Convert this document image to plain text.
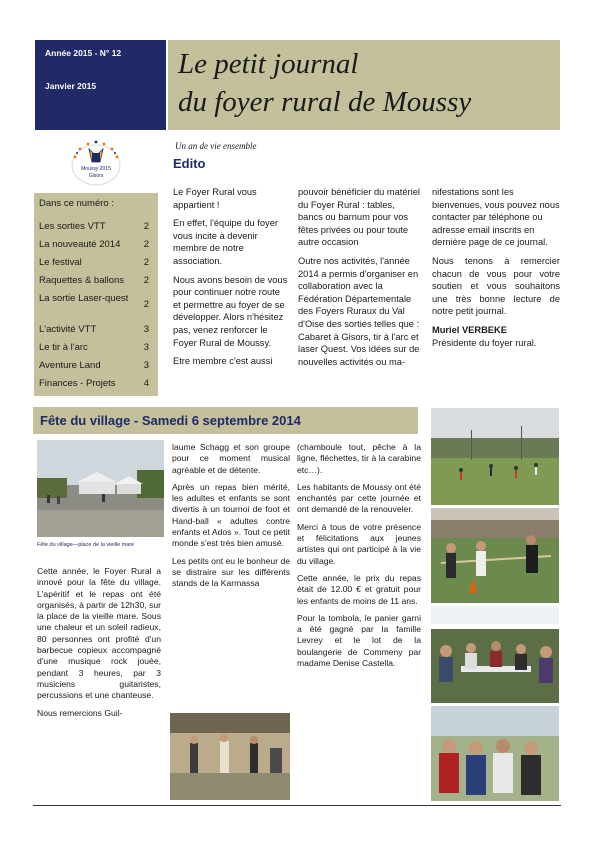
Année 2015 - N° 12
Janvier 2015
Le petit journal
du foyer rural de Moussy
Moussy 2015
Gisors
Un an de vie ensemble
Edito
Dans ce numéro :
Les sorties VTT	2
La nouveauté 2014	2
Le festival	2
Raquettes & ballons	2
La sortie Laser-quest
2
L'activité VTT	3
Le tir à l'arc	3
Aventure Land	3
Finances - Projets	4

Le Foyer Rural vous appartient !

En effet, l'équipe du foyer vous incite à devenir membre de notre association.

Nous avons besoin de vous pour continuer notre route et permettre au foyer de se développer. Alors n'hésitez pas, venez renforcer le Foyer Rural de Moussy.

Etre membre c'est aussi

pouvoir bénéficier du matériel du Foyer Rural : tables, bancs ou barnum pour vos fêtes privées ou pour toute autre occasion

Outre nos activités, l'année 2014 a permis d'organiser en collaboration avec la Fédération Départementale des Foyers Ruraux du Val d'Oise des sorties telles que : Cabaret à Gisors, tir à l'arc et laser Quest. Vos idées sur de nouvelles activités ou ma-

nifestations sont les bienvenues, vous pouvez nous contacter par téléphone ou adresse email inscrits en dernière page de ce journal.

Nous tenons à remercier chacun de vous pour votre soutien et vous souhaitons une très bonne lecture de notre petit journal.

Muriel VERBEKE
Présidente du foyer rural.
Fête du village - Samedi 6 septembre 2014
Fête du village—place de la vieille mare

Cette année, le Foyer Rural a innové pour la fête du village. L'apéritif et le repas ont été organisés, à partir de 12h30, sur la place de la vieille mare. Sous une chaleur et un soleil radieux, 80 personnes ont profité d'un barbecue copieux accompagné d'une musique rock jouée, pendant 3 heures, par 3 musiciens guitaristes, percussions et une chanteuse.

Nous remercions Guil-

laume Schagg et son groupe pour ce moment musical agréable et de détente.

Après un repas bien mérité, les adultes et enfants se sont divertis à un tournoi de foot et Hand-ball « adultes contre enfants et Ados ». Tout ce petit monde s'est très bien amusé.

Les petits ont eu le bonheur de se distraire sur les différents stands de la Karmassa

(chamboule tout, pêche à la ligne, fléchettes, tir à la carabine etc…).

Les habitants de Moussy ont été enchantés par cette journée et ont demandé de la renouveler.

Merci à tous de votre présence et félicitations aux jeunes artistes qui ont participé à la vie du village.

Cette année, le prix du repas était de 12.00 € et gratuit pour les enfants de moins de 11 ans.

Pour la tombola, le panier garni a été gagné par la famille Levrey et le lot de la boulangerie de Commeny par madame Denise Castella.
